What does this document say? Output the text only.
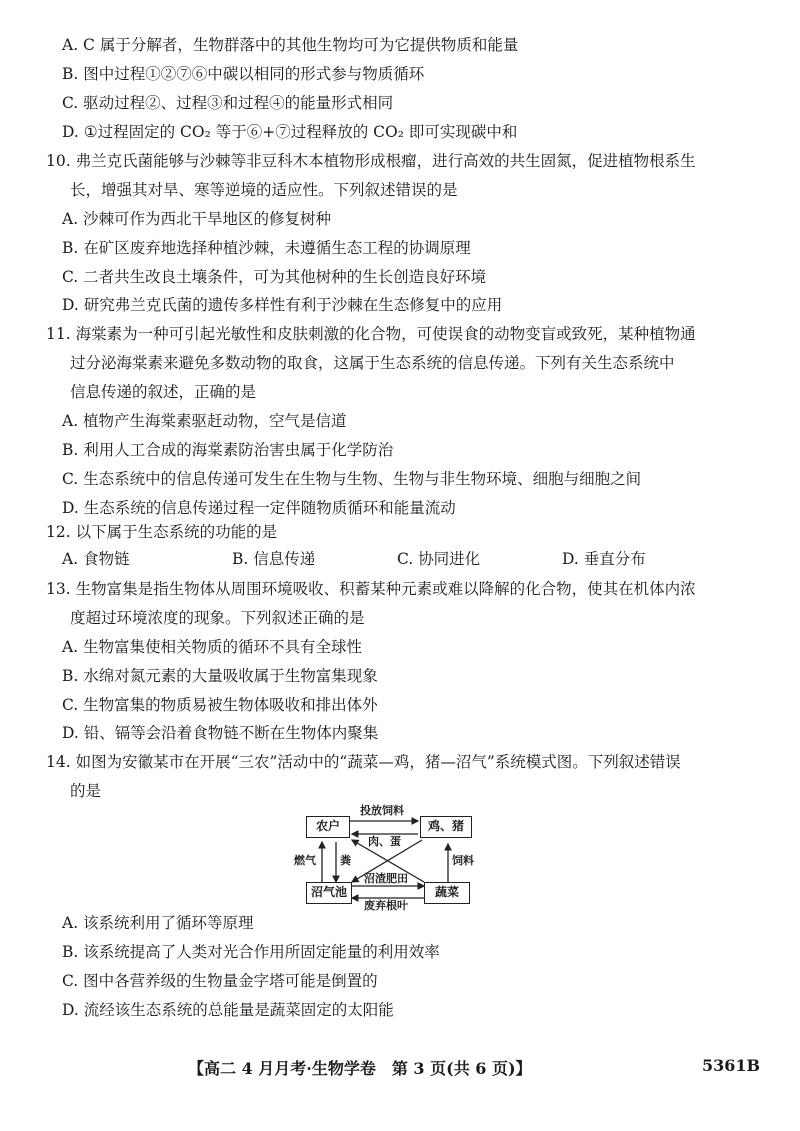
A. C 属于分解者，生物群落中的其他生物均可为它提供物质和能量
B. 图中过程①②⑦⑥中碳以相同的形式参与物质循环
C. 驱动过程②、过程③和过程④的能量形式相同
D. ①过程固定的 CO₂ 等于⑥+⑦过程释放的 CO₂ 即可实现碳中和
10. 弗兰克氏菌能够与沙棘等非豆科木本植物形成根瘤，进行高效的共生固氮，促进植物根系生
长，增强其对旱、寒等逆境的适应性。下列叙述错误的是
A. 沙棘可作为西北干旱地区的修复树种
B. 在矿区废弃地选择种植沙棘，未遵循生态工程的协调原理
C. 二者共生改良土壤条件，可为其他树种的生长创造良好环境
D. 研究弗兰克氏菌的遗传多样性有利于沙棘在生态修复中的应用
11. 海棠素为一种可引起光敏性和皮肤刺激的化合物，可使误食的动物变盲或致死，某种植物通
过分泌海棠素来避免多数动物的取食，这属于生态系统的信息传递。下列有关生态系统中
信息传递的叙述，正确的是
A. 植物产生海棠素驱赶动物，空气是信道
B. 利用人工合成的海棠素防治害虫属于化学防治
C. 生态系统中的信息传递可发生在生物与生物、生物与非生物环境、细胞与细胞之间
D. 生态系统的信息传递过程一定伴随物质循环和能量流动
12. 以下属于生态系统的功能的是
A. 食物链	B. 信息传递	C. 协同进化	D. 垂直分布
13. 生物富集是指生物体从周围环境吸收、积蓄某种元素或难以降解的化合物，使其在机体内浓
度超过环境浓度的现象。下列叙述正确的是
A. 生物富集使相关物质的循环不具有全球性
B. 水绵对氮元素的大量吸收属于生物富集现象
C. 生物富集的物质易被生物体吸收和排出体外
D. 铅、镉等会沿着食物链不断在生物体内聚集
14. 如图为安徽某市在开展“三农”活动中的“蔬菜—鸡，猪—沼气”系统模式图。下列叙述错误
的是
农户	鸡、猪
沼气池	蔬菜
投放饲料
肉、蛋
燃气 粪	饲料
沼渣肥田
废弃根叶
A. 该系统利用了循环等原理
B. 该系统提高了人类对光合作用所固定能量的利用效率
C. 图中各营养级的生物量金字塔可能是倒置的
D. 流经该生态系统的总能量是蔬菜固定的太阳能
【高二 4 月月考·生物学卷　第 3 页(共 6 页)】	5361B
